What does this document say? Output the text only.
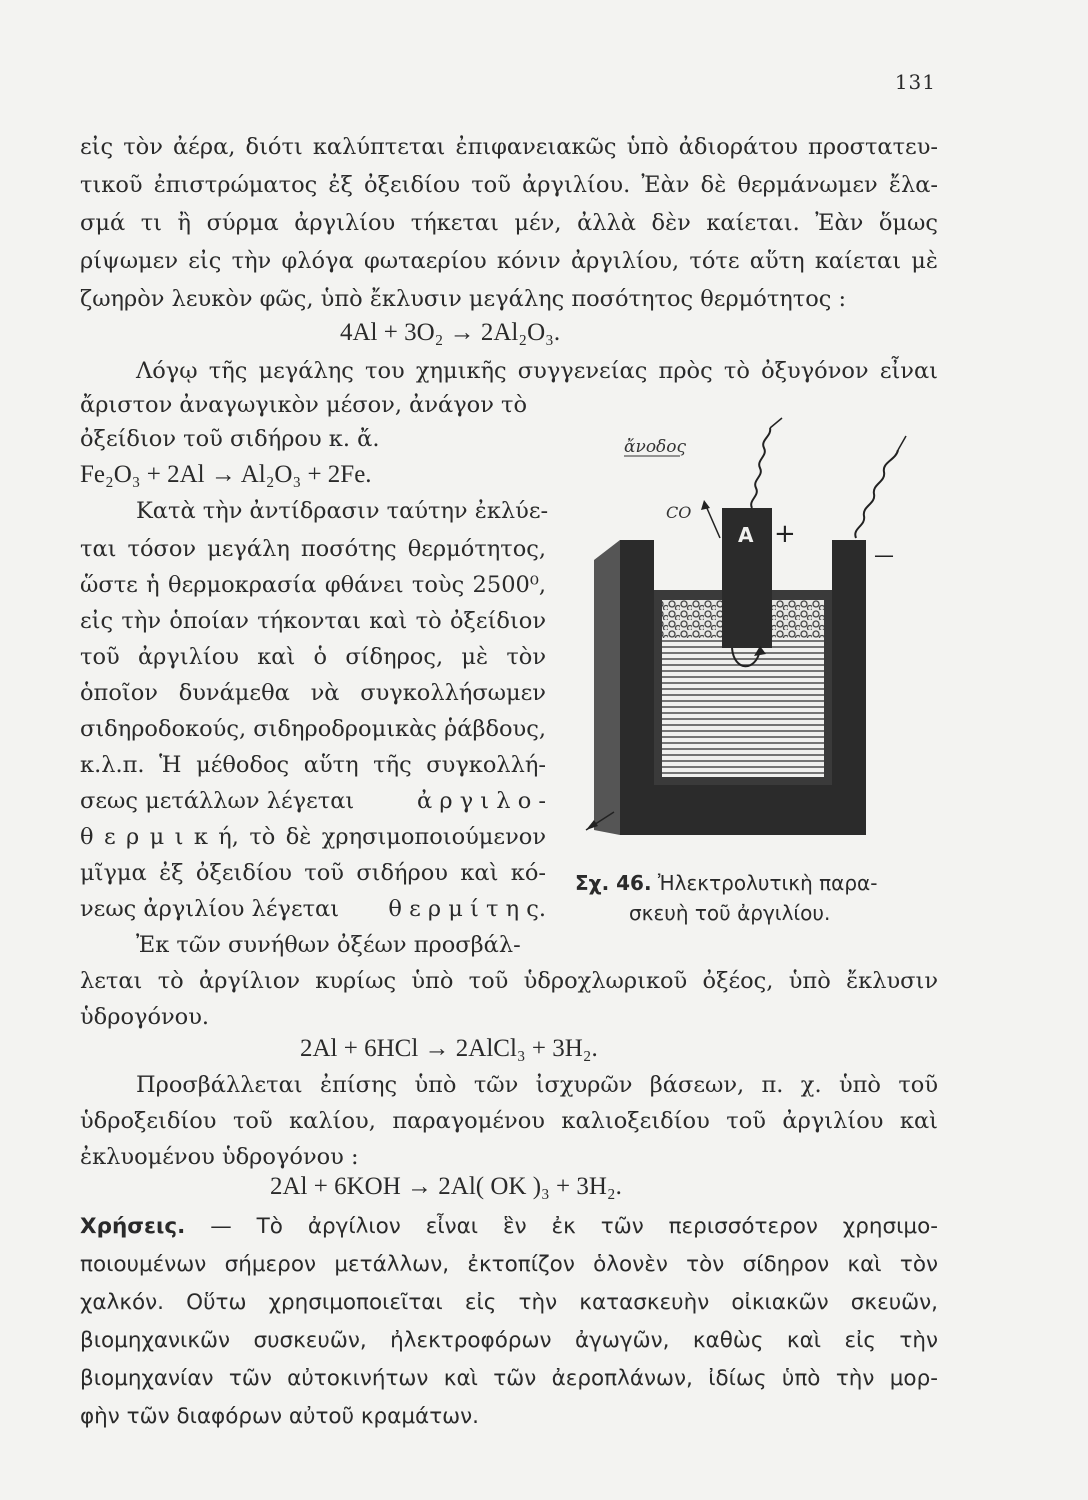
131
εἰς τὸν ἀέρα, διότι καλύπτεται ἐπιφανειακῶς ὑπὸ ἀδιοράτου προστατευ-
τικοῦ ἐπιστρώματος ἐξ ὀξειδίου τοῦ ἀργιλίου. Ἐὰν δὲ θερμάνωμεν ἔλα-
σμά τι ἢ σύρμα ἀργιλίου τήκεται μέν, ἀλλὰ δὲν καίεται. Ἐὰν ὅμως
ρίψωμεν εἰς τὴν φλόγα φωταερίου κόνιν ἀργιλίου, τότε αὕτη καίεται μὲ
ζωηρὸν λευκὸν φῶς, ὑπὸ ἔκλυσιν μεγάλης ποσότητος θερμότητος :
4Al + 3O₂ → 2Al₂O₃.
Λόγῳ τῆς μεγάλης του χημικῆς συγγενείας πρὸς τὸ ὀξυγόνον εἶναι
ἄριστον ἀναγωγικὸν μέσον, ἀνάγον τὸ
ὀξείδιον τοῦ σιδήρου κ. ἄ.
Fe₂O₃ + 2Al → Al₂O₃ + 2Fe.
Κατὰ τὴν ἀντίδρασιν ταύτην ἐκλύε-
ται τόσον μεγάλη ποσότης θερμότητος,
ὥστε ἡ θερμοκρασία φθάνει τοὺς 2500⁰,
εἰς τὴν ὁποίαν τήκονται καὶ τὸ ὀξείδιον
τοῦ ἀργιλίου καὶ ὁ σίδηρος, μὲ τὸν
ὁποῖον δυνάμεθα νὰ συγκολλήσωμεν
σιδηροδοκούς, σιδηροδρομικὰς ῥάβδους,
κ.λ.π. Ἡ μέθοδος αὕτη τῆς συγκολλή-
σεως μετάλλων λέγεται	ἀ ρ γ ι λ ο -
θ ε ρ μ ι κ ή, τὸ δὲ χρησιμοποιούμενον
μῖγμα ἐξ ὀξειδίου τοῦ σιδήρου καὶ κό-
νεως ἀργιλίου λέγεται θ ε ρ μ ί τ η ς.
Ἐκ τῶν συνήθων ὀξέων προσβάλ-
λεται τὸ ἀργίλιον κυρίως ὑπὸ τοῦ ὑδροχλωρικοῦ ὀξέος, ὑπὸ ἔκλυσιν
ὑδρογόνου.
2Al + 6HCl → 2AlCl₃ + 3H₂.
Προσβάλλεται ἐπίσης ὑπὸ τῶν ἰσχυρῶν βάσεων, π. χ. ὑπὸ τοῦ
ὑδροξειδίου τοῦ καλίου, παραγομένου καλιοξειδίου τοῦ ἀργιλίου καὶ
ἐκλυομένου ὑδρογόνου :
2Al + 6KOH → 2Al( OK )₃ + 3H₂.
Χρήσεις. — Τὸ ἀργίλιον εἶναι ἓν ἐκ τῶν περισσότερον χρησιμο-
ποιουμένων σήμερον μετάλλων, ἐκτοπίζον ὁλονὲν τὸν σίδηρον καὶ τὸν
χαλκόν. Οὕτω χρησιμοποιεῖται εἰς τὴν κατασκευὴν οἰκιακῶν σκευῶν,
βιομηχανικῶν συσκευῶν, ἠλεκτροφόρων ἀγωγῶν, καθὼς καὶ εἰς τὴν
βιομηχανίαν τῶν αὐτοκινήτων καὶ τῶν ἀεροπλάνων, ἰδίως ὑπὸ τὴν μορ-
φὴν τῶν διαφόρων αὐτοῦ κραμάτων.
A
ἄνοδος
CO
+
—
Σχ. 46. Ἠλεκτρολυτικὴ παρα-
σκευὴ τοῦ ἀργιλίου.
